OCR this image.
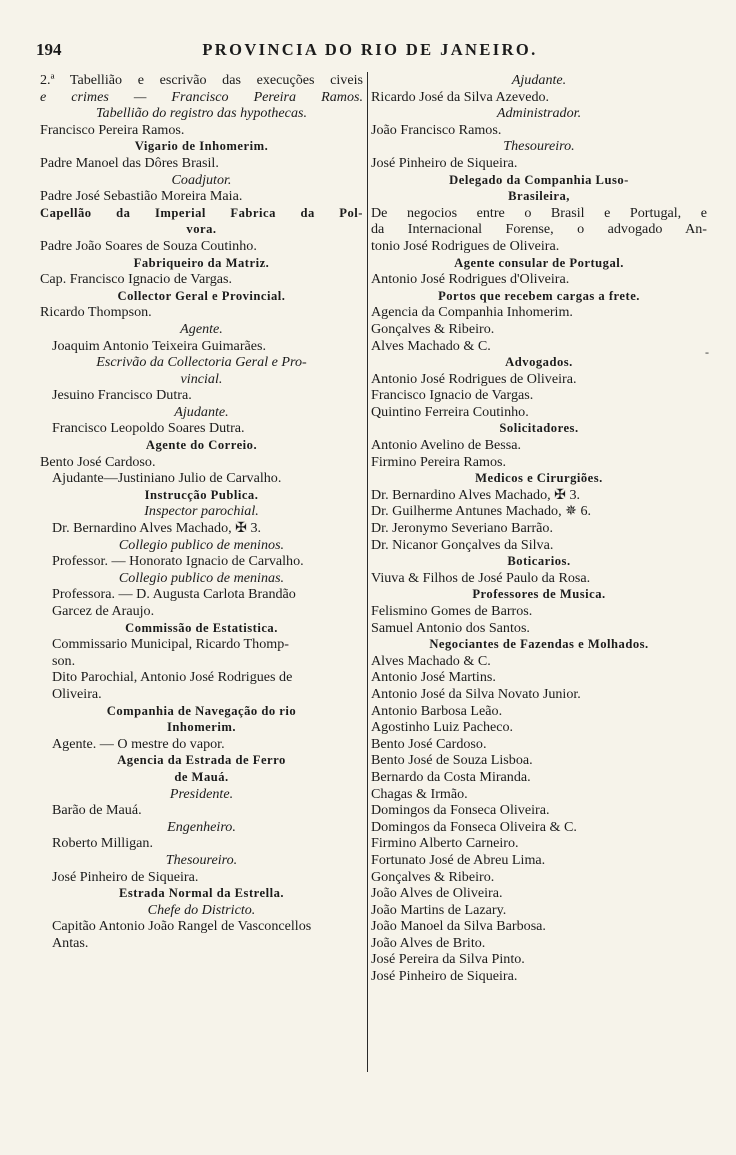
194	PROVINCIA DO RIO DE JANEIRO.
2.ª Tabellião e escrivão das execuções civeis
e crimes — Francisco Pereira Ramos.
Tabellião do registro das hypothecas.
Francisco Pereira Ramos.
Vigario de Inhomerim.
Padre Manoel das Dôres Brasil.
Coadjutor.
Padre José Sebastião Moreira Maia.
Capellão da Imperial Fabrica da Pol-
vora.
Padre João Soares de Souza Coutinho.
Fabriqueiro da Matriz.
Cap. Francisco Ignacio de Vargas.
Collector Geral e Provincial.
Ricardo Thompson.
Agente.
Joaquim Antonio Teixeira Guimarães.
Escrivão da Collectoria Geral e Pro-
vincial.
Jesuino Francisco Dutra.
Ajudante.
Francisco Leopoldo Soares Dutra.
Agente do Correio.
Bento José Cardoso.
Ajudante—Justiniano Julio de Carvalho.
Instrucção Publica.
Inspector parochial.
Dr. Bernardino Alves Machado, ✠ 3.
Collegio publico de meninos.
Professor. — Honorato Ignacio de Carvalho.
Collegio publico de meninas.
Professora. — D. Augusta Carlota Brandão
Garcez de Araujo.
Commissão de Estatistica.
Commissario Municipal, Ricardo Thomp-
son.
Dito Parochial, Antonio José Rodrigues de
Oliveira.
Companhia de Navegação do rio
Inhomerim.
Agente. — O mestre do vapor.
Agencia da Estrada de Ferro
de Mauá.
Presidente.
Barão de Mauá.
Engenheiro.
Roberto Milligan.
Thesoureiro.
José Pinheiro de Siqueira.
Estrada Normal da Estrella.
Chefe do Districto.
Capitão Antonio João Rangel de Vasconcellos
Antas.
Ajudante.
Ricardo José da Silva Azevedo.
Administrador.
João Francisco Ramos.
Thesoureiro.
José Pinheiro de Siqueira.
Delegado da Companhia Luso-
Brasileira,
De negocios entre o Brasil e Portugal, e
da Internacional Forense, o advogado An-
tonio José Rodrigues de Oliveira.
Agente consular de Portugal.
Antonio José Rodrigues d'Oliveira.
Portos que recebem cargas a frete.
Agencia da Companhia Inhomerim.
Gonçalves & Ribeiro.
Alves Machado & C.
Advogados.
Antonio José Rodrigues de Oliveira.
Francisco Ignacio de Vargas.
Quintino Ferreira Coutinho.
Solicitadores.
Antonio Avelino de Bessa.
Firmino Pereira Ramos.
Medicos e Cirurgiões.
Dr. Bernardino Alves Machado, ✠ 3.
Dr. Guilherme Antunes Machado, ✵ 6.
Dr. Jeronymo Severiano Barrão.
Dr. Nicanor Gonçalves da Silva.
Boticarios.
Viuva & Filhos de José Paulo da Rosa.
Professores de Musica.
Felismino Gomes de Barros.
Samuel Antonio dos Santos.
Negociantes de Fazendas e Molhados.
Alves Machado & C.
Antonio José Martins.
Antonio José da Silva Novato Junior.
Antonio Barbosa Leão.
Agostinho Luiz Pacheco.
Bento José Cardoso.
Bento José de Souza Lisboa.
Bernardo da Costa Miranda.
Chagas & Irmão.
Domingos da Fonseca Oliveira.
Domingos da Fonseca Oliveira & C.
Firmino Alberto Carneiro.
Fortunato José de Abreu Lima.
Gonçalves & Ribeiro.
João Alves de Oliveira.
João Martins de Lazary.
João Manoel da Silva Barbosa.
João Alves de Brito.
José Pereira da Silva Pinto.
José Pinheiro de Siqueira.
-
